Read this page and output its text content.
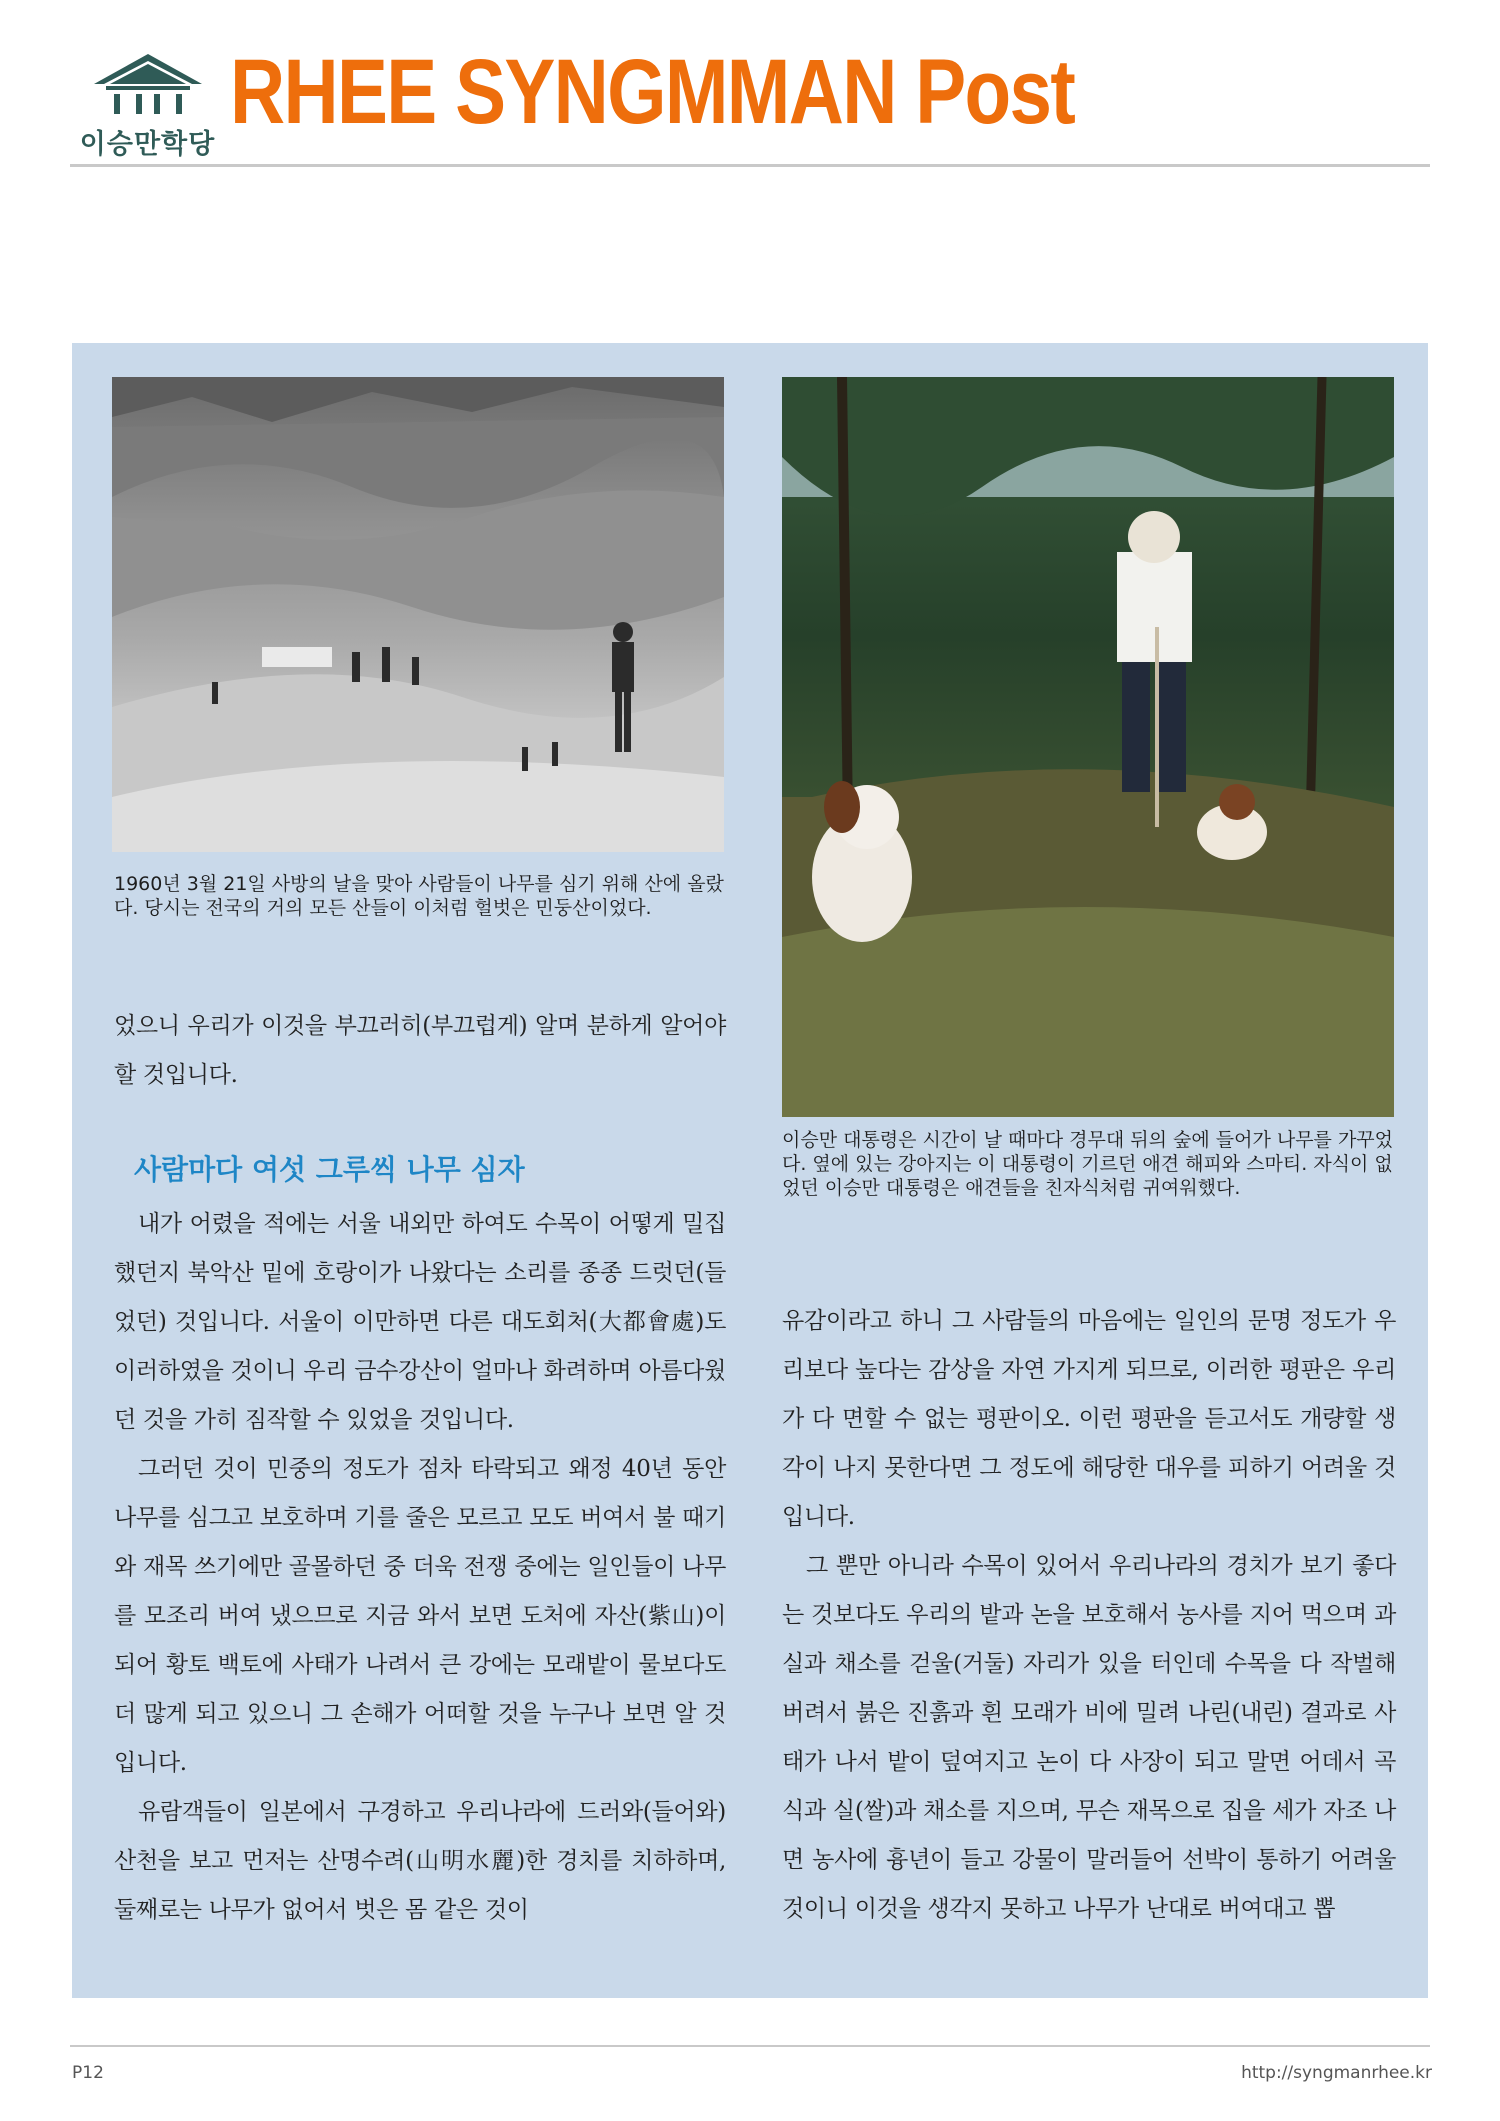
이승만학당
RHEE SYNGMMAN Post
1960년 3월 21일 사방의 날을 맞아 사람들이 나무를 심기 위해 산에 올랐다. 당시는 전국의 거의 모든 산들이 이처럼 헐벗은 민둥산이었다.
이승만 대통령은 시간이 날 때마다 경무대 뒤의 숲에 들어가 나무를 가꾸었다. 옆에 있는 강아지는 이 대통령이 기르던 애견 해피와 스마티. 자식이 없었던 이승만 대통령은 애견들을 친자식처럼 귀여워했다.

었으니 우리가 이것을 부끄러히(부끄럽게) 알며 분하게 알어야 할 것입니다.

사람마다 여섯 그루씩 나무 심자

내가 어렸을 적에는 서울 내외만 하여도 수목이 어떻게 밀집했던지 북악산 밑에 호랑이가 나왔다는 소리를 종종 드럿던(들었던) 것입니다. 서울이 이만하면 다른 대도회처(大都會處)도 이러하였을 것이니 우리 금수강산이 얼마나 화려하며 아름다웠던 것을 가히 짐작할 수 있었을 것입니다.

그러던 것이 민중의 정도가 점차 타락되고 왜정 40년 동안 나무를 심그고 보호하며 기를 줄은 모르고 모도 버여서 불 때기와 재목 쓰기에만 골몰하던 중 더욱 전쟁 중에는 일인들이 나무를 모조리 버여 냈으므로 지금 와서 보면 도처에 자산(紫山)이 되어 황토 백토에 사태가 나려서 큰 강에는 모래밭이 물보다도 더 많게 되고 있으니 그 손해가 어떠할 것을 누구나 보면 알 것입니다.

유람객들이 일본에서 구경하고 우리나라에 드러와(들어와) 산천을 보고 먼저는 산명수려(山明水麗)한 경치를 치하하며, 둘째로는 나무가 없어서 벗은 몸 같은 것이

유감이라고 하니 그 사람들의 마음에는 일인의 문명 정도가 우리보다 높다는 감상을 자연 가지게 되므로, 이러한 평판은 우리가 다 면할 수 없는 평판이오. 이런 평판을 듣고서도 개량할 생각이 나지 못한다면 그 정도에 해당한 대우를 피하기 어려울 것입니다.

그 뿐만 아니라 수목이 있어서 우리나라의 경치가 보기 좋다는 것보다도 우리의 밭과 논을 보호해서 농사를 지어 먹으며 과실과 채소를 걷울(거둘) 자리가 있을 터인데 수목을 다 작벌해 버려서 붉은 진흙과 흰 모래가 비에 밀려 나린(내린) 결과로 사태가 나서 밭이 덮여지고 논이 다 사장이 되고 말면 어데서 곡식과 실(쌀)과 채소를 지으며, 무슨 재목으로 집을 세가 자조 나면 농사에 흉년이 들고 강물이 말러들어 선박이 통하기 어려울 것이니 이것을 생각지 못하고 나무가 난대로 버여대고 뽑

P12	http://syngmanrhee.kr
